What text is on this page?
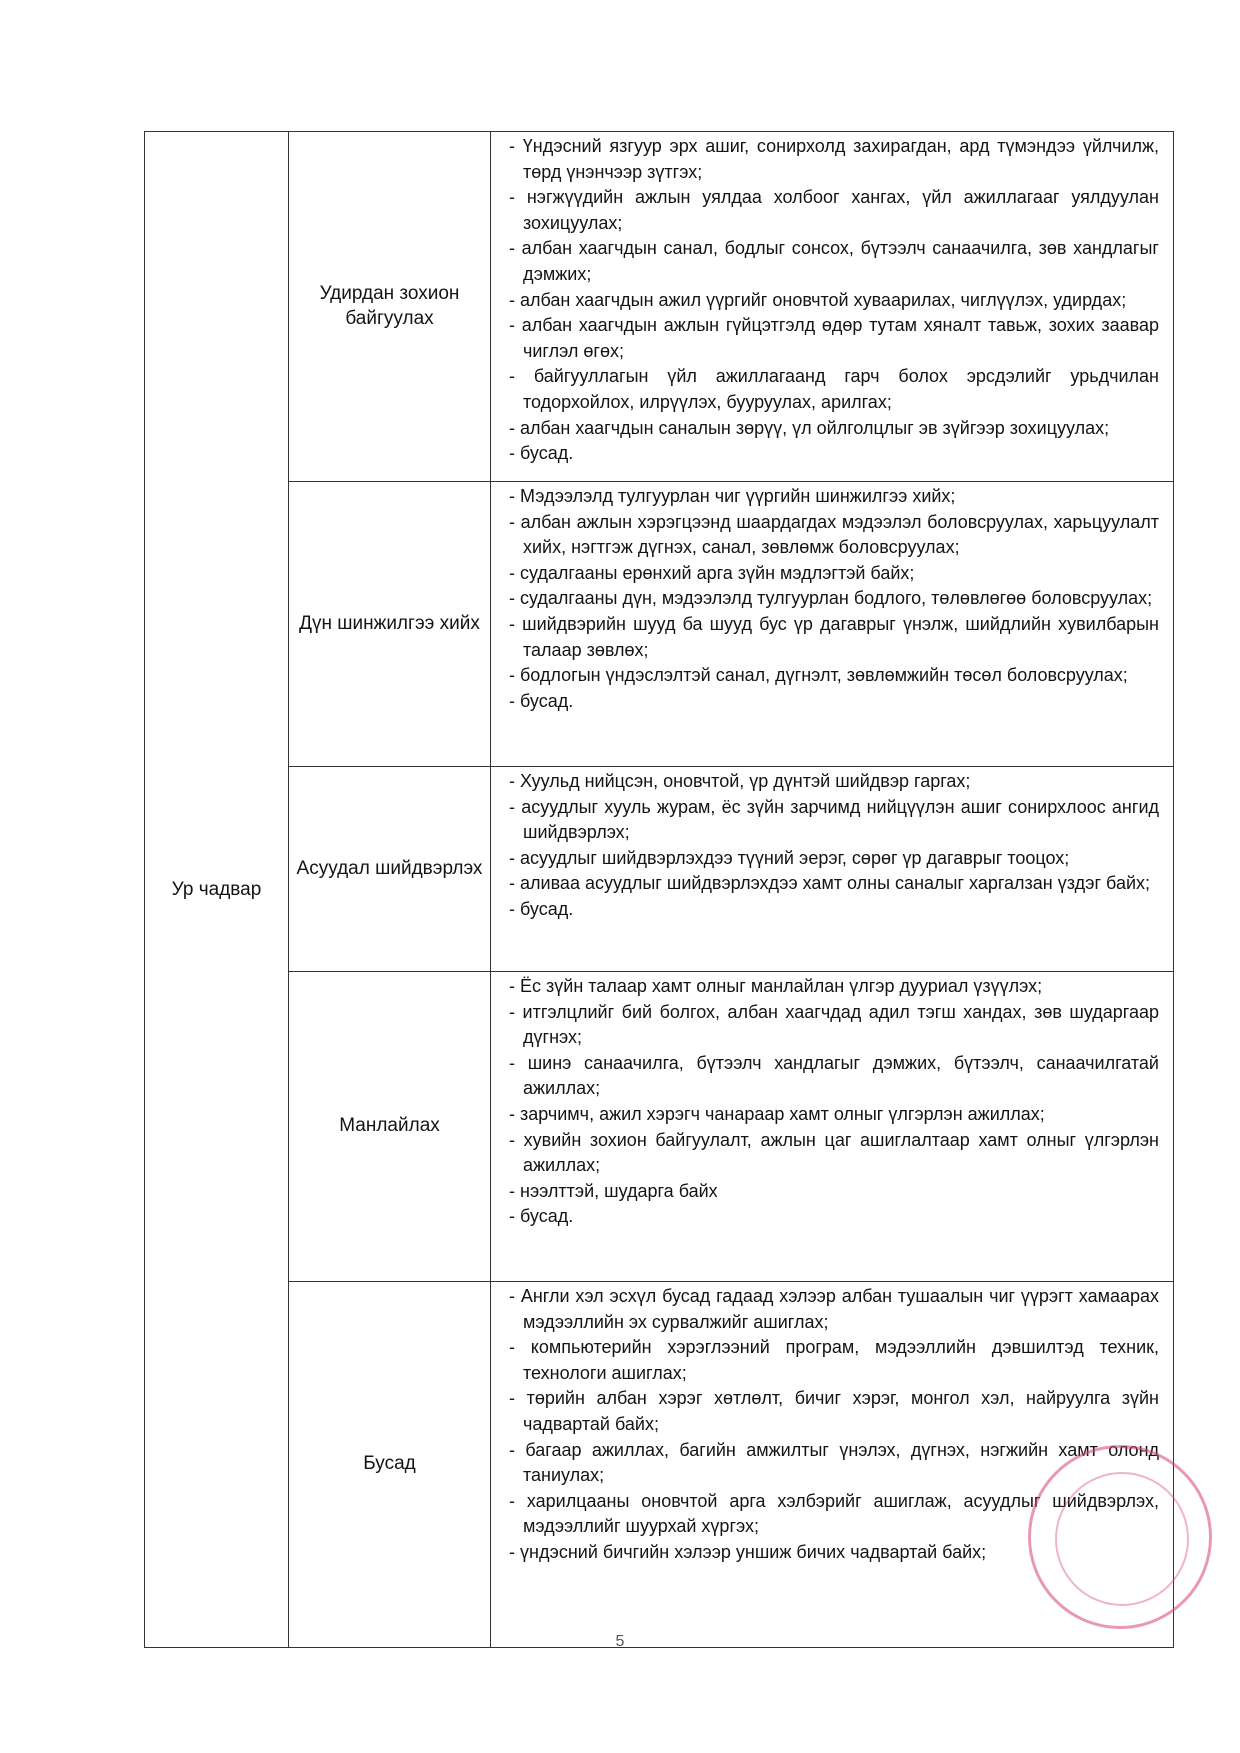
Ур чадвар
Удирдан зохион байгуулах
- Үндэсний язгуур эрх ашиг, сонирхолд захирагдан, ард түмэндээ үйлчилж, төрд үнэнчээр зүтгэх;
- нэгжүүдийн ажлын уялдаа холбоог хангах, үйл ажиллагааг уялдуулан зохицуулах;
- албан хаагчдын санал, бодлыг сонсох, бүтээлч санаачилга, зөв хандлагыг дэмжих;
- албан хаагчдын ажил үүргийг оновчтой хуваарилах, чиглүүлэх, удирдах;
- албан хаагчдын ажлын гүйцэтгэлд өдөр тутам хяналт тавьж, зохих заавар чиглэл өгөх;
- байгууллагын үйл ажиллагаанд гарч болох эрсдэлийг урьдчилан тодорхойлох, илрүүлэх, бууруулах, арилгах;
- албан хаагчдын саналын зөрүү, үл ойлголцлыг эв зүйгээр зохицуулах;
- бусад.
Дүн шинжилгээ хийх
- Мэдээлэлд тулгуурлан чиг үүргийн шинжилгээ хийх;
- албан ажлын хэрэгцээнд шаардагдах мэдээлэл боловсруулах, харьцуулалт хийх, нэгтгэж дүгнэх, санал, зөвлөмж боловсруулах;
- судалгааны ерөнхий арга зүйн мэдлэгтэй байх;
- судалгааны дүн, мэдээлэлд тулгуурлан бодлого, төлөвлөгөө боловсруулах;
- шийдвэрийн шууд ба шууд бус үр дагаврыг үнэлж, шийдлийн хувилбарын талаар зөвлөх;
- бодлогын үндэслэлтэй санал, дүгнэлт, зөвлөмжийн төсөл боловсруулах;
- бусад.
Асуудал шийдвэрлэх
- Хуульд нийцсэн, оновчтой, үр дүнтэй шийдвэр гаргах;
- асуудлыг хууль журам, ёс зүйн зарчимд нийцүүлэн ашиг сонирхлоос ангид шийдвэрлэх;
- асуудлыг шийдвэрлэхдээ түүний эерэг, сөрөг үр дагаврыг тооцох;
- аливаа асуудлыг шийдвэрлэхдээ хамт олны саналыг харгалзан үздэг байх;
- бусад.
Манлайлах
- Ёс зүйн талаар хамт олныг манлайлан үлгэр дууриал үзүүлэх;
- итгэлцлийг бий болгох, албан хаагчдад адил тэгш хандах, зөв шударгаар дүгнэх;
- шинэ санаачилга, бүтээлч хандлагыг дэмжих, бүтээлч, санаачилгатай ажиллах;
- зарчимч, ажил хэрэгч чанараар хамт олныг үлгэрлэн ажиллах;
- хувийн зохион байгуулалт, ажлын цаг ашиглалтаар хамт олныг үлгэрлэн ажиллах;
- нээлттэй, шударга байх
- бусад.
Бусад
- Англи хэл эсхүл бусад гадаад хэлээр албан тушаалын чиг үүрэгт хамаарах мэдээллийн эх сурвалжийг ашиглах;
- компьютерийн хэрэглээний програм, мэдээллийн дэвшилтэд техник, технологи ашиглах;
- төрийн албан хэрэг хөтлөлт, бичиг хэрэг, монгол хэл, найруулга зүйн чадвартай байх;
- багаар ажиллах, багийн амжилтыг үнэлэх, дүгнэх, нэгжийн хамт олонд таниулах;
- харилцааны оновчтой арга хэлбэрийг ашиглаж, асуудлыг шийдвэрлэх, мэдээллийг шуурхай хүргэх;
- үндэсний бичгийн хэлээр уншиж бичих чадвартай байх;
5
